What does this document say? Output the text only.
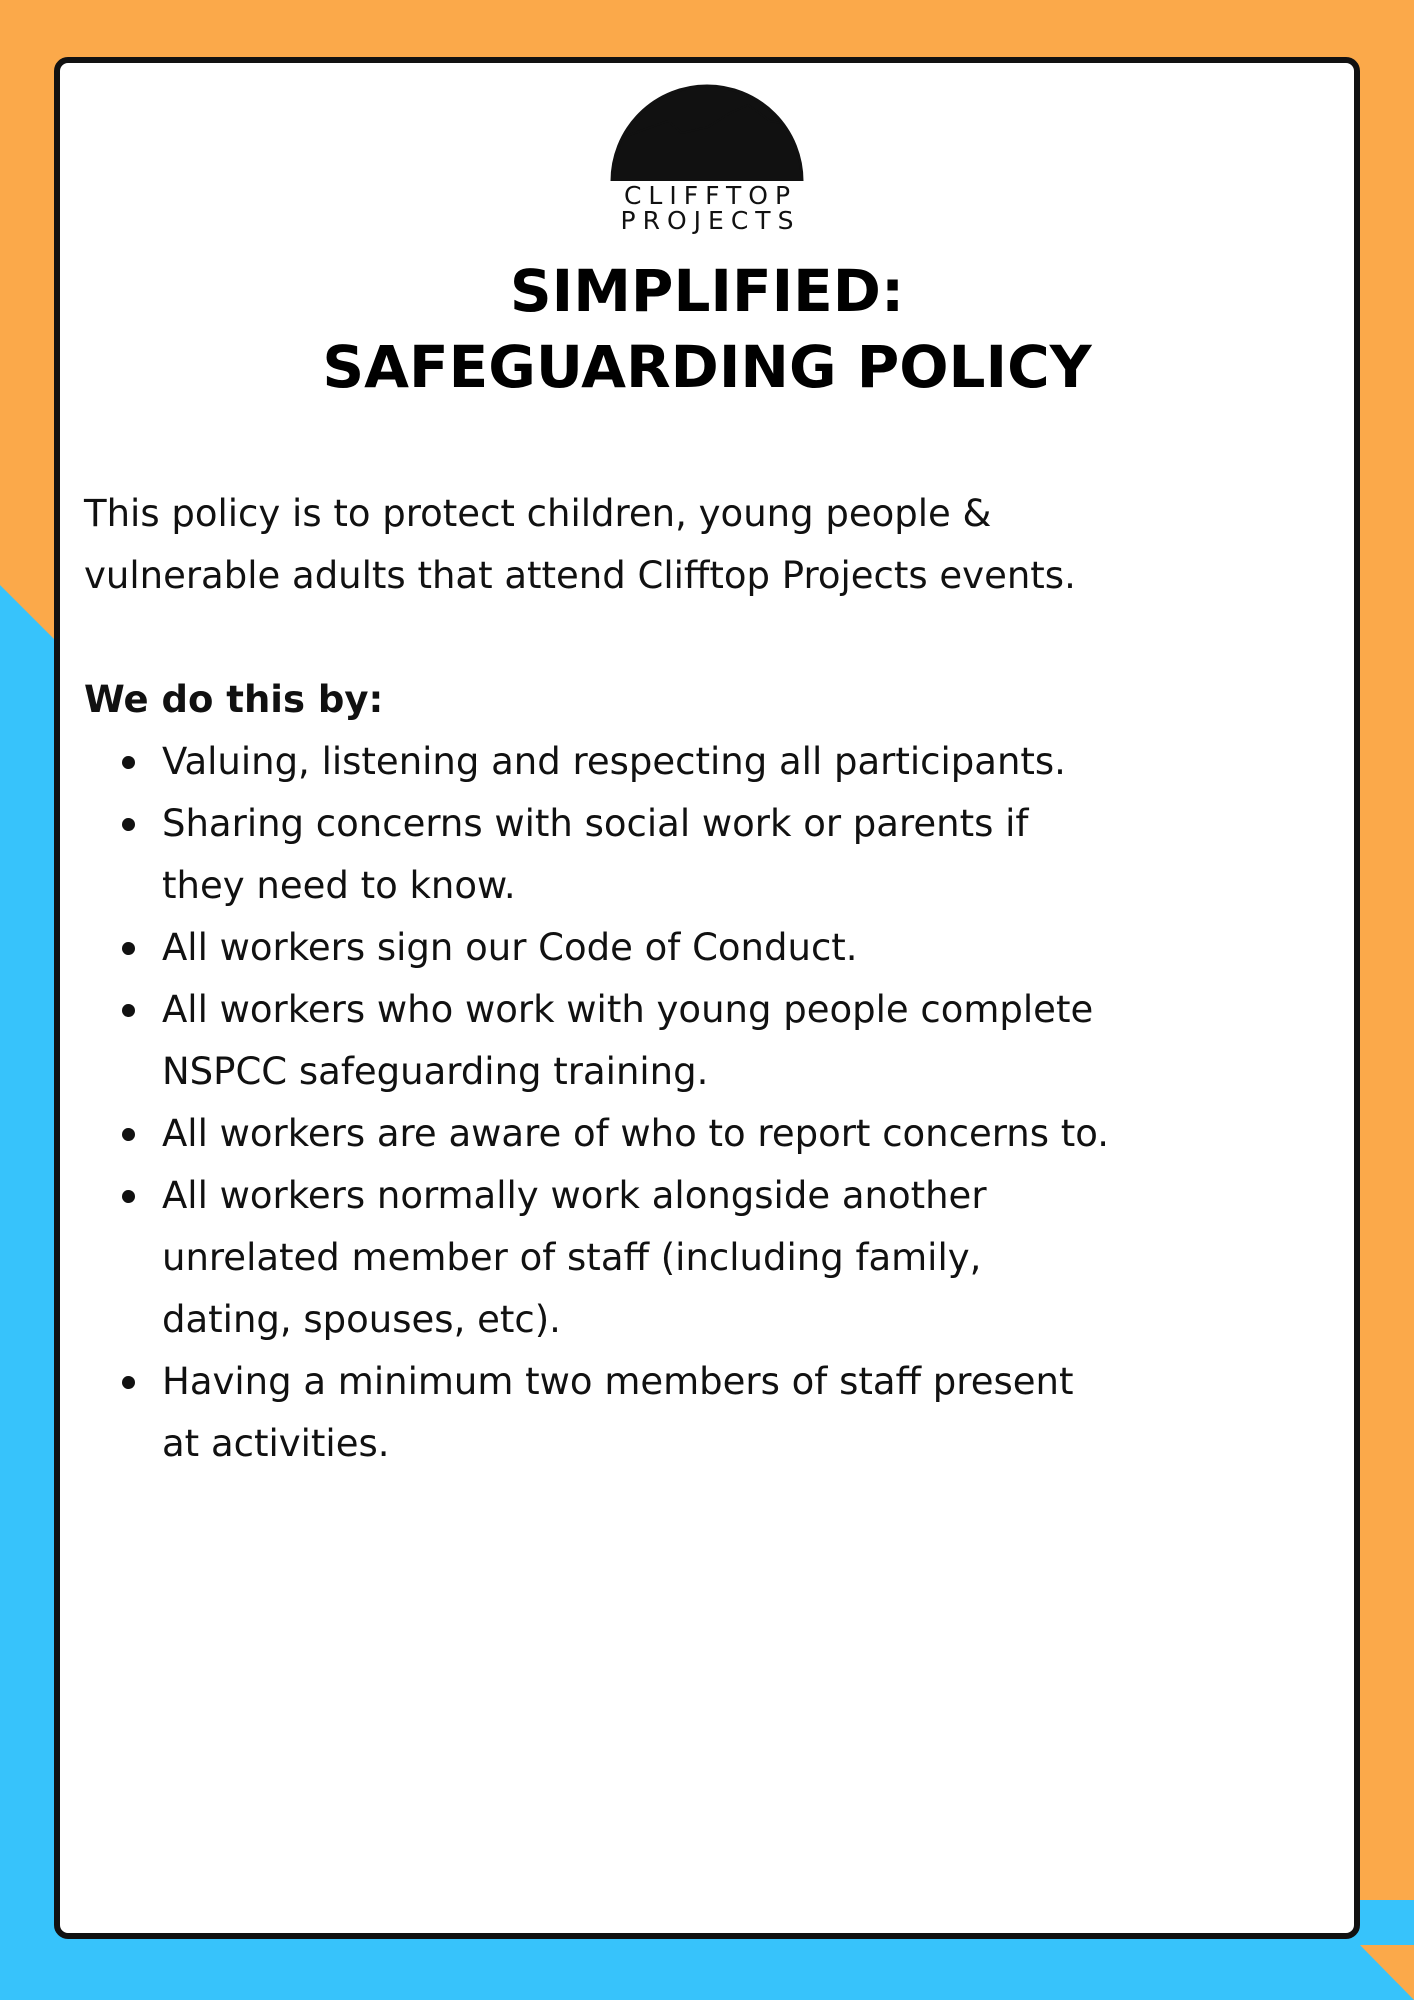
CLIFFTOP
PROJECTS
SIMPLIFIED:
SAFEGUARDING POLICY

This policy is to protect children, young people &
vulnerable adults that attend Clifftop Projects events.

We do this by:

Valuing, listening and respecting all participants.
Sharing concerns with social work or parents if
they need to know.
All workers sign our Code of Conduct.
All workers who work with young people complete
NSPCC safeguarding training.
All workers are aware of who to report concerns to.
All workers normally work alongside another
unrelated member of staff (including family,
dating, spouses, etc).
Having a minimum two members of staff present
at activities.
